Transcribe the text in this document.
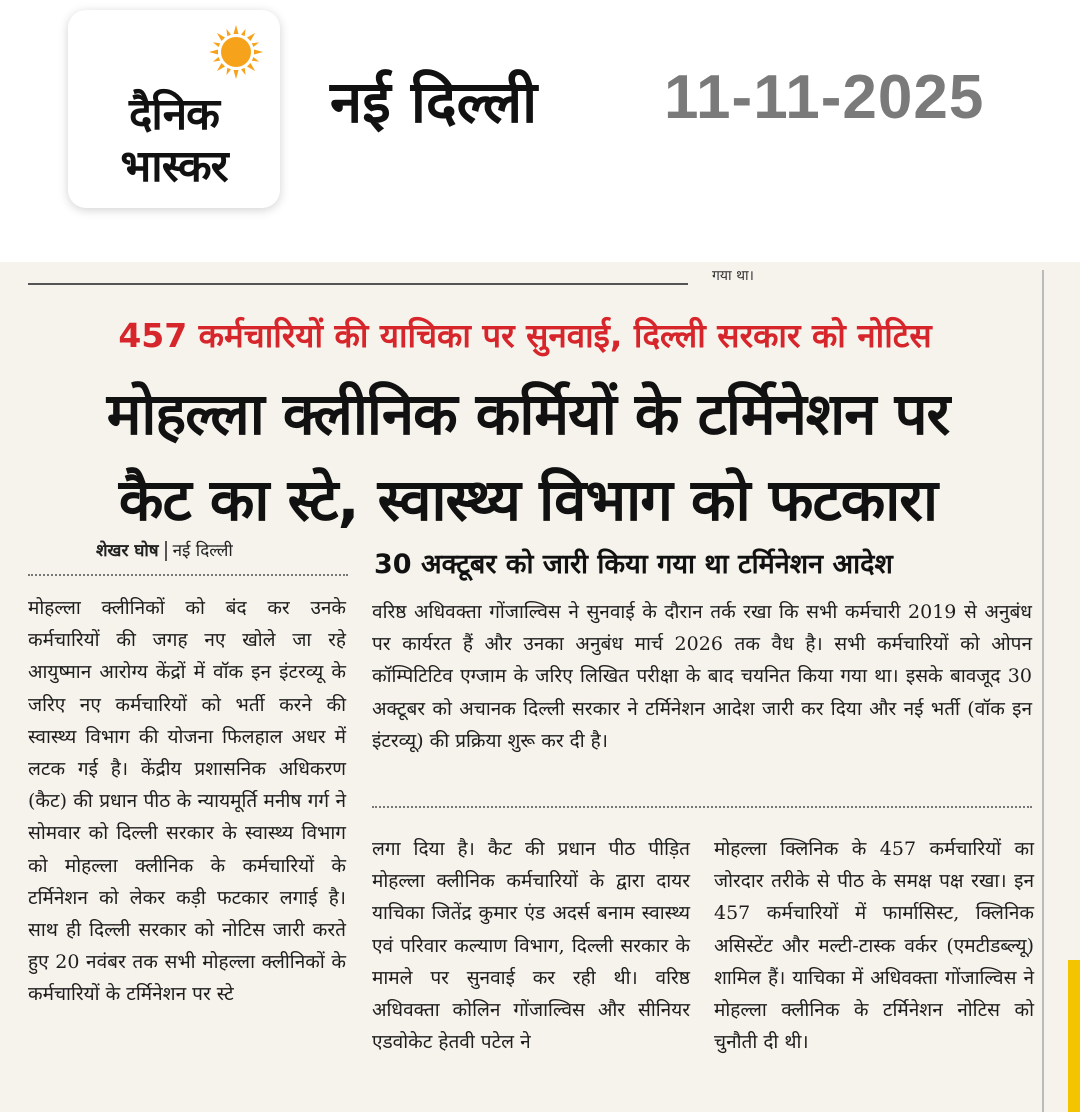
दैनिक
भास्कर
नई दिल्ली 11-11-2025
गया था।
457 कर्मचारियों की याचिका पर सुनवाई, दिल्ली सरकार को नोटिस
मोहल्ला क्लीनिक कर्मियों के टर्मिनेशन पर
कैट का स्टे, स्वास्थ्य विभाग को फटकारा
शेखर घोष नई दिल्ली	30 अक्टूबर को जारी किया गया था टर्मिनेशन आदेश

मोहल्ला क्लीनिकों को बंद कर उनके कर्मचारियों की जगह नए खोले जा रहे आयुष्मान आरोग्य केंद्रों में वॉक इन इंटरव्यू के जरिए नए कर्मचारियों को भर्ती करने की स्वास्थ्य विभाग की योजना फिलहाल अधर में लटक गई है। केंद्रीय प्रशासनिक अधिकरण (कैट) की प्रधान पीठ के न्यायमूर्ति मनीष गर्ग ने सोमवार को दिल्ली सरकार के स्वास्थ्य विभाग को मोहल्ला क्लीनिक के कर्मचारियों के टर्मिनेशन को लेकर कड़ी फटकार लगाई है। साथ ही दिल्ली सरकार को नोटिस जारी करते हुए 20 नवंबर तक सभी मोहल्ला क्लीनिकों के कर्मचारियों के टर्मिनेशन पर स्टे

वरिष्ठ अधिवक्ता गोंजाल्विस ने सुनवाई के दौरान तर्क रखा कि सभी कर्मचारी 2019 से अनुबंध पर कार्यरत हैं और उनका अनुबंध मार्च 2026 तक वैध है। सभी कर्मचारियों को ओपन कॉम्पिटिटिव एग्जाम के जरिए लिखित परीक्षा के बाद चयनित किया गया था। इसके बावजूद 30 अक्टूबर को अचानक दिल्ली सरकार ने टर्मिनेशन आदेश जारी कर दिया और नई भर्ती (वॉक इन इंटरव्यू) की प्रक्रिया शुरू कर दी है।

लगा दिया है। कैट की प्रधान पीठ पीड़ित मोहल्ला क्लीनिक कर्मचारियों के द्वारा दायर याचिका जितेंद्र कुमार एंड अदर्स बनाम स्वास्थ्य एवं परिवार कल्याण विभाग, दिल्ली सरकार के मामले पर सुनवाई कर रही थी। वरिष्ठ अधिवक्ता कोलिन गोंजाल्विस और सीनियर एडवोकेट हेतवी पटेल ने

मोहल्ला क्लिनिक के 457 कर्मचारियों का जोरदार तरीके से पीठ के समक्ष पक्ष रखा। इन 457 कर्मचारियों में फार्मासिस्ट, क्लिनिक असिस्टेंट और मल्टी-टास्क वर्कर (एमटीडब्ल्यू) शामिल हैं। याचिका में अधिवक्ता गोंजाल्विस ने मोहल्ला क्लीनिक के टर्मिनेशन नोटिस को चुनौती दी थी।
